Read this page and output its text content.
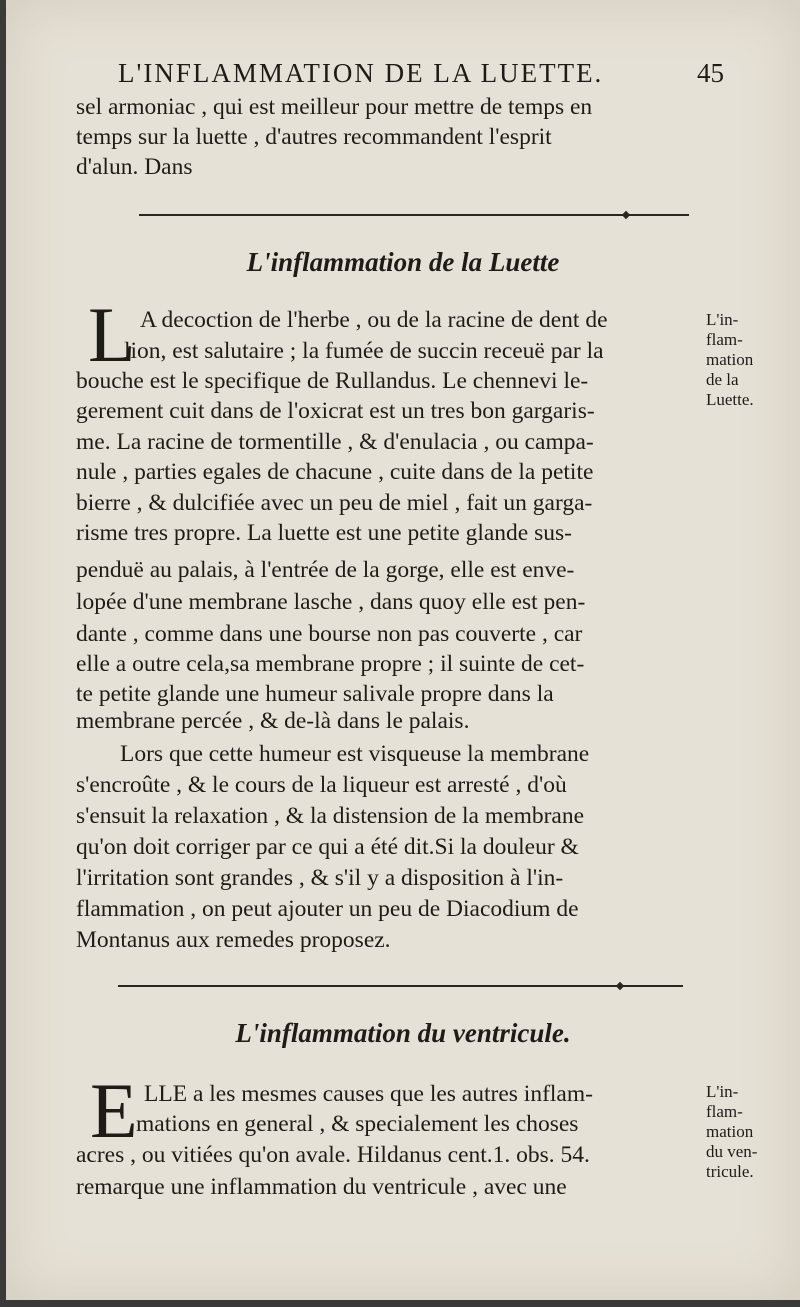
L'INFLAMMATION DE LA LUETTE.	45
sel armoniac , qui est meilleur pour mettre de temps en
temps sur la luette , d'autres recommandent l'esprit
d'alun. Dans
L'inflammation de la Luette
L A decoction de l'herbe , ou de la racine de dent de
lion, est salutaire ; la fumée de succin receuë par la
bouche est le specifique de Rullandus. Le chennevi le-
gerement cuit dans de l'oxicrat est un tres bon gargaris-
me. La racine de tormentille , & d'enulacia , ou campa-
nule , parties egales de chacune , cuite dans de la petite
bierre , & dulcifiée avec un peu de miel , fait un garga-
risme tres propre. La luette est une petite glande sus-
penduë au palais, à l'entrée de la gorge, elle est enve-
lopée d'une membrane lasche , dans quoy elle est pen-
dante , comme dans une bourse non pas couverte , car
elle a outre cela,sa membrane propre ; il suinte de cet-
te petite glande une humeur salivale propre dans la
membrane percée , & de-là dans le palais.
Lors que cette humeur est visqueuse la membrane
s'encroûte , & le cours de la liqueur est arresté , d'où
s'ensuit la relaxation , & la distension de la membrane
qu'on doit corriger par ce qui a été dit.Si la douleur &
l'irritation sont grandes , & s'il y a disposition à l'in-
flammation , on peut ajouter un peu de Diacodium de
Montanus aux remedes proposez.
L'in-
flam-
mation
de la
Luette.
L'inflammation du ventricule.
E LLE a les mesmes causes que les autres inflam-
mations en general , & specialement les choses
acres , ou vitiées qu'on avale. Hildanus cent.1. obs. 54.
remarque une inflammation du ventricule , avec une
L'in-
flam-
mation
du ven-
tricule.
